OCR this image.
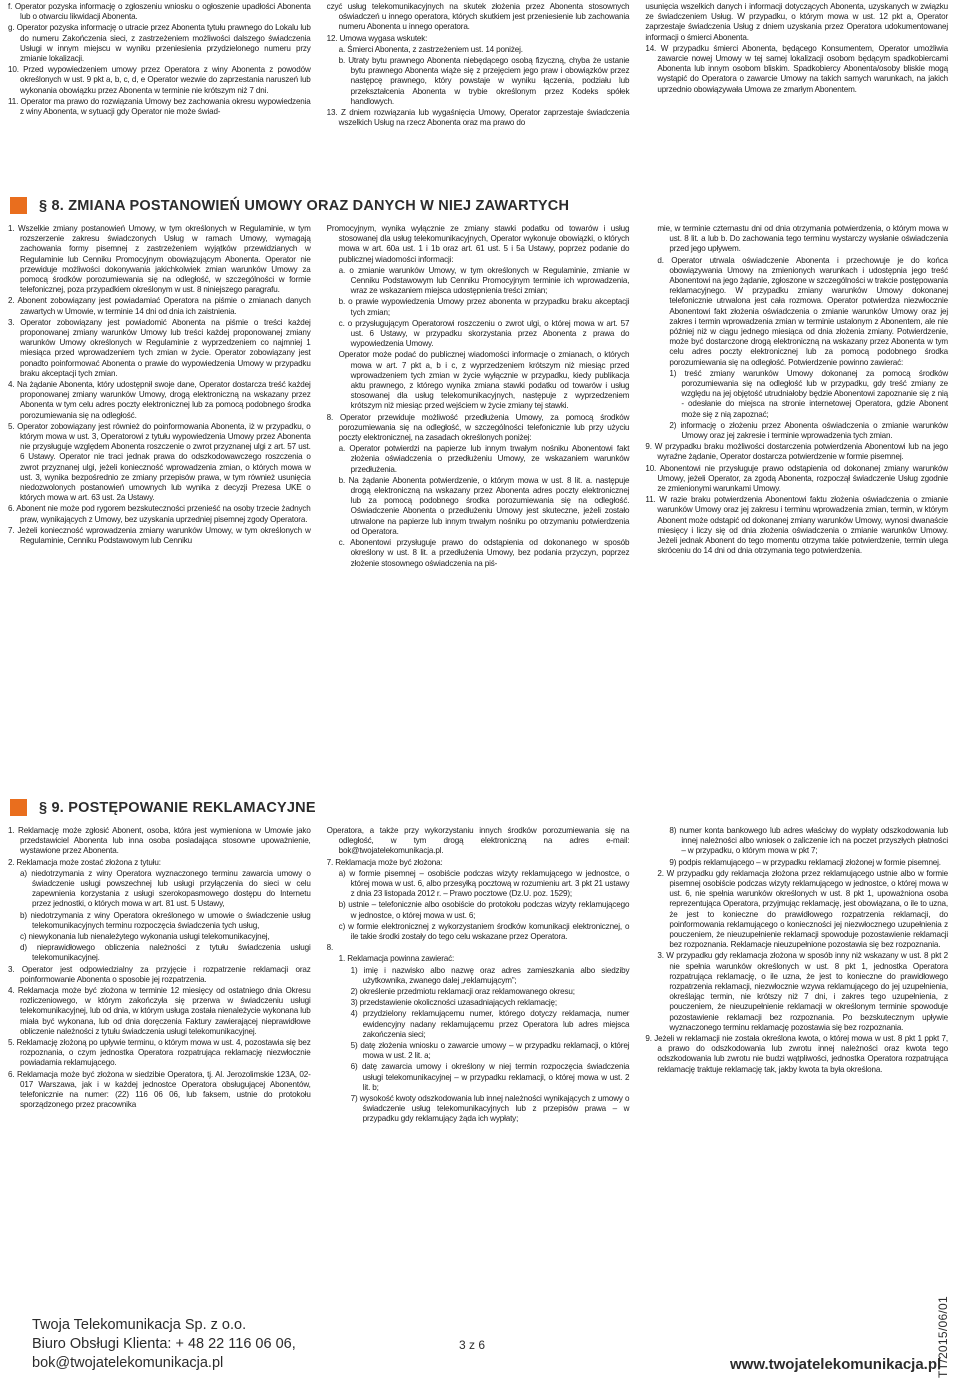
f. Operator pozyska informację o zgłoszeniu wniosku o ogłoszenie upadłości Abonenta lub o otwarciu likwidacji Abonenta.
g. Operator pozyska informację o utracie przez Abonenta tytułu prawnego do Lokalu lub do numeru Zakończenia sieci, z zastrzeżeniem możliwości dalszego świadczenia Usługi w innym miejscu w wyniku przeniesienia przydzielonego numeru przy zmianie lokalizacji.
10. Przed wypowiedzeniem umowy przez Operatora z winy Abonenta z powodów określonych w ust. 9 pkt a, b, c, d, e Operator wezwie do zaprzestania naruszeń lub wykonania obowiązku przez Abonenta w terminie nie krótszym niż 7 dni.
11. Operator ma prawo do rozwiązania Umowy bez zachowania okresu wypowiedzenia z winy Abonenta, w sytuacji gdy Operator nie może świad-
czyć usług telekomunikacyjnych na skutek złożenia przez Abonenta stosownych oświadczeń u innego operatora, których skutkiem jest przeniesienie lub zachowania numeru Abonenta u innego operatora.
12. Umowa wygasa wskutek:
a. Śmierci Abonenta, z zastrzeżeniem ust. 14 poniżej.
b. Utraty bytu prawnego Abonenta niebędącego osobą fizyczną, chyba że ustanie bytu prawnego Abonenta wiąże się z przejęciem jego praw i obowiązków przez następcę prawnego, który powstaje w wyniku łączenia, podziału lub przekształcenia Abonenta w trybie określonym przez Kodeks spółek handlowych.
13. Z dniem rozwiązania lub wygaśnięcia Umowy, Operator zaprzestaje świadczenia wszelkich Usług na rzecz Abonenta oraz ma prawo do
usunięcia wszelkich danych i informacji dotyczących Abonenta, uzyskanych w związku ze świadczeniem Usług. W przypadku, o którym mowa w ust. 12 pkt a, Operator zaprzestaje świadczenia Usług z dniem uzyskania przez Operatora udokumentowanej informacji o śmierci Abonenta.
14. W przypadku śmierci Abonenta, będącego Konsumentem, Operator umożliwia zawarcie nowej Umowy w tej samej lokalizacji osobom będącym spadkobiercami Abonenta lub innym osobom bliskim. Spadkobiercy Abonenta/osoby bliskie mogą wystąpić do Operatora o zawarcie Umowy na takich samych warunkach, na jakich uprzednio obowiązywała Umowa ze zmarłym Abonentem.
§ 8. ZMIANA POSTANOWIEŃ UMOWY ORAZ DANYCH W NIEJ ZAWARTYCH
1. Wszelkie zmiany postanowień Umowy, w tym określonych w Regulaminie, w tym rozszerzenie zakresu świadczonych Usług w ramach Umowy, wymagają zachowania formy pisemnej z zastrzeżeniem wyjątków przewidzianych w Regulaminie lub Cenniku Promocyjnym obowiązującym Abonenta. Operator nie przewiduje możliwości dokonywania jakichkolwiek zmian warunków Umowy za pomocą środków porozumiewania się na odległość, w szczególności w formie telefonicznej, poza przypadkiem określonym w ust. 8 niniejszego paragrafu.
2. Abonent zobowiązany jest powiadamiać Operatora na piśmie o zmianach danych zawartych w Umowie, w terminie 14 dni od dnia ich zaistnienia.
3. Operator zobowiązany jest powiadomić Abonenta na piśmie o treści każdej proponowanej zmiany warunków Umowy lub treści każdej proponowanej zmiany warunków Umowy określonych w Regulaminie z wyprzedzeniem co najmniej 1 miesiąca przed wprowadzeniem tych zmian w życie. Operator zobowiązany jest ponadto poinformować Abonenta o prawie do wypowiedzenia Umowy w przypadku braku akceptacji tych zmian.
4. Na żądanie Abonenta, który udostępnił swoje dane, Operator dostarcza treść każdej proponowanej zmiany warunków Umowy, drogą elektroniczną na wskazany przez Abonenta w tym celu adres poczty elektronicznej lub za pomocą podobnego środka porozumiewania się na odległość.
5. Operator zobowiązany jest również do poinformowania Abonenta, iż w przypadku, o którym mowa w ust. 3, Operatorowi z tytułu wypowiedzenia Umowy przez Abonenta nie przysługuje względem Abonenta roszczenie o zwrot przyznanej ulgi z art. 57 ust. 6 Ustawy. Operator nie traci jednak prawa do odszkodowawczego roszczenia o zwrot przyznanej ulgi, jeżeli konieczność wprowadzenia zmian, o których mowa w ust. 3, wynika bezpośrednio ze zmiany przepisów prawa, w tym również usunięcia niedozwolonych postanowień umownych lub wynika z decyzji Prezesa UKE o których mowa w art. 63 ust. 2a Ustawy.
6. Abonent nie może pod rygorem bezskuteczności przenieść na osoby trzecie żadnych praw, wynikających z Umowy, bez uzyskania uprzedniej pisemnej zgody Operatora.
7. Jeżeli konieczność wprowadzenia zmiany warunków Umowy, w tym określonych w Regulaminie, Cenniku Podstawowym lub Cenniku
Promocyjnym, wynika wyłącznie ze zmiany stawki podatku od towarów i usług stosowanej dla usług telekomunikacyjnych, Operator wykonuje obowiązki, o których mowa w art. 60a ust. 1 i 1b oraz art. 61 ust. 5 i 5a Ustawy, poprzez podanie do publicznej wiadomości informacji:
a. o zmianie warunków Umowy, w tym określonych w Regulaminie, zmianie w Cenniku Podstawowym lub Cenniku Promocyjnym terminie ich wprowadzenia, wraz ze wskazaniem miejsca udostępnienia treści zmian;
b. o prawie wypowiedzenia Umowy przez abonenta w przypadku braku akceptacji tych zmian;
c. o przysługującym Operatorowi roszczeniu o zwrot ulgi, o której mowa w art. 57 ust. 6 Ustawy, w przypadku skorzystania przez Abonenta z prawa do wypowiedzenia Umowy.
Operator może podać do publicznej wiadomości informacje o zmianach, o których mowa w art. 7 pkt a, b i c, z wyprzedzeniem krótszym niż miesiąc przed wprowadzeniem tych zmian w życie wyłącznie w przypadku, kiedy publikacja aktu prawnego, z którego wynika zmiana stawki podatku od towarów i usług stosowanej dla usług telekomunikacyjnych, następuje z wyprzedzeniem krótszym niż miesiąc przed wejściem w życie zmiany tej stawki.
8. Operator przewiduje możliwość przedłużenia Umowy, za pomocą środków porozumiewania się na odległość, w szczególności telefonicznie lub przy użyciu poczty elektronicznej, na zasadach określonych poniżej:
a. Operator potwierdzi na papierze lub innym trwałym nośniku Abonentowi fakt złożenia oświadczenia o przedłużeniu Umowy, ze wskazaniem warunków przedłużenia.
b. Na żądanie Abonenta potwierdzenie, o którym mowa w ust. 8 lit. a. następuje drogą elektroniczną na wskazany przez Abonenta adres poczty elektronicznej lub za pomocą podobnego środka porozumiewania się na odległość. Oświadczenie Abonenta o przedłużeniu Umowy jest skuteczne, jeżeli zostało utrwalone na papierze lub innym trwałym nośniku po otrzymaniu potwierdzenia od Operatora.
c. Abonentowi przysługuje prawo do odstąpienia od dokonanego w sposób określony w ust. 8 lit. a przedłużenia Umowy, bez podania przyczyn, poprzez złożenie stosownego oświadczenia na piś-
mie, w terminie czternastu dni od dnia otrzymania potwierdzenia, o którym mowa w ust. 8 lit. a lub b. Do zachowania tego terminu wystarczy wysłanie oświadczenia przed jego upływem.
d. Operator utrwala oświadczenie Abonenta i przechowuje je do końca obowiązywania Umowy na zmienionych warunkach i udostępnia jego treść Abonentowi na jego żądanie, zgłoszone w szczególności w trakcie postępowania reklamacyjnego. W przypadku zmiany warunków Umowy dokonanej telefonicznie utrwalona jest cała rozmowa. Operator potwierdza niezwłocznie Abonentowi fakt złożenia oświadczenia o zmianie warunków Umowy oraz jej zakres i termin wprowadzenia zmian w terminie ustalonym z Abonentem, ale nie później niż w ciągu jednego miesiąca od dnia złożenia zmiany. Potwierdzenie, może być dostarczone drogą elektroniczną na wskazany przez Abonenta w tym celu adres poczty elektronicznej lub za pomocą podobnego środka porozumiewania się na odległość. Potwierdzenie powinno zawierać:
1) treść zmiany warunków Umowy dokonanej za pomocą środków porozumiewania się na odległość lub w przypadku, gdy treść zmiany ze względu na jej objętość utrudniałoby będzie Abonentowi zapoznanie się z nią - odesłanie do miejsca na stronie internetowej Operatora, gdzie Abonent może się z nią zapoznać;
2) informację o złożeniu przez Abonenta oświadczenia o zmianie warunków Umowy oraz jej zakresie i terminie wprowadzenia tych zmian.
9. W przypadku braku możliwości dostarczenia potwierdzenia Abonentowi lub na jego wyraźne żądanie, Operator dostarcza potwierdzenie w formie pisemnej.
10. Abonentowi nie przysługuje prawo odstąpienia od dokonanej zmiany warunków Umowy, jeżeli Operator, za zgodą Abonenta, rozpoczął świadczenie Usług zgodnie ze zmienionymi warunkami Umowy.
11. W razie braku potwierdzenia Abonentowi faktu złożenia oświadczenia o zmianie warunków Umowy oraz jej zakresu i terminu wprowadzenia zmian, termin, w którym Abonent może odstąpić od dokonanej zmiany warunków Umowy, wynosi dwanaście miesięcy i liczy się od dnia złożenia oświadczenia o zmianie warunków Umowy. Jeżeli jednak Abonent do tego momentu otrzyma takie potwierdzenie, termin ulega skróceniu do 14 dni od dnia otrzymania tego potwierdzenia.
§ 9. POSTĘPOWANIE REKLAMACYJNE
1. Reklamację może zgłosić Abonent, osoba, która jest wymieniona w Umowie jako przedstawiciel Abonenta lub inna osoba posiadająca stosowne upoważnienie, wystawione przez Abonenta.
2. Reklamacja może zostać złożona z tytułu:
a) niedotrzymania z winy Operatora wyznaczonego terminu zawarcia umowy o świadczenie usługi powszechnej lub usługi przyłączenia do sieci w celu zapewnienia korzystania z usługi szerokopasmowego dostępu do Internetu przez jednostki, o których mowa w art. 81 ust. 5 Ustawy,
b) niedotrzymania z winy Operatora określonego w umowie o świadczenie usług telekomunikacyjnych terminu rozpoczęcia świadczenia tych usług,
c) niewykonania lub nienależytego wykonania usługi telekomunikacyjnej,
d) nieprawidłowego obliczenia należności z tytułu świadczenia usługi telekomunikacyjnej.
3. Operator jest odpowiedzialny za przyjęcie i rozpatrzenie reklamacji oraz poinformowanie Abonenta o sposobie jej rozpatrzenia.
4. Reklamacja może być złożona w terminie 12 miesięcy od ostatniego dnia Okresu rozliczeniowego, w którym zakończyła się przerwa w świadczeniu usługi telekomunikacyjnej, lub od dnia, w którym usługa została nienależycie wykonana lub miała być wykonana, lub od dnia doręczenia Faktury zawierającej nieprawidłowe obliczenie należności z tytułu świadczenia usługi telekomunikacyjnej.
5. Reklamację złożoną po upływie terminu, o którym mowa w ust. 4, pozostawia się bez rozpoznania, o czym jednostka Operatora rozpatrująca reklamację niezwłocznie powiadamia reklamującego.
6. Reklamacja może być złożona w siedzibie Operatora, tj. Al. Jerozolimskie 123A, 02-017 Warszawa, jak i w każdej jednostce Operatora obsługującej Abonentów, telefonicznie na numer: (22) 116 06 06, lub faksem, ustnie do protokołu sporządzonego przez pracownika
Operatora, a także przy wykorzystaniu innych środków porozumiewania się na odległość, w tym drogą elektroniczną na adres e-mail: bok@twojatelekomunikacja.pl.
7. Reklamacja może być złożona:
a) w formie pisemnej – osobiście podczas wizyty reklamującego w jednostce, o której mowa w ust. 6, albo przesyłką pocztową w rozumieniu art. 3 pkt 21 ustawy z dnia 23 listopada 2012 r. – Prawo pocztowe (Dz.U. poz. 1529);
b) ustnie – telefonicznie albo osobiście do protokołu podczas wizyty reklamującego w jednostce, o której mowa w ust. 6;
c) w formie elektronicznej z wykorzystaniem środków komunikacji elektronicznej, o ile takie środki zostały do tego celu wskazane przez Operatora.
8.
1. Reklamacja powinna zawierać:
1) imię i nazwisko albo nazwę oraz adres zamieszkania albo siedziby użytkownika, zwanego dalej „reklamującym”;
2) określenie przedmiotu reklamacji oraz reklamowanego okresu;
3) przedstawienie okoliczności uzasadniających reklamację;
4) przydzielony reklamującemu numer, którego dotyczy reklamacja, numer ewidencyjny nadany reklamującemu przez Operatora lub adres miejsca zakończenia sieci;
5) datę złożenia wniosku o zawarcie umowy – w przypadku reklamacji, o której mowa w ust. 2 lit. a;
6) datę zawarcia umowy i określony w niej termin rozpoczęcia świadczenia usługi telekomunikacyjnej – w przypadku reklamacji, o której mowa w ust. 2 lit. b;
7) wysokość kwoty odszkodowania lub innej należności wynikających z umowy o świadczenie usług telekomunikacyjnych lub z przepisów prawa – w przypadku gdy reklamujący żąda ich wypłaty;
8) numer konta bankowego lub adres właściwy do wypłaty odszkodowania lub innej należności albo wniosek o zaliczenie ich na poczet przyszłych płatności – w przypadku, o którym mowa w pkt 7;
9) podpis reklamującego – w przypadku reklamacji złożonej w formie pisemnej.
2. W przypadku gdy reklamacja złożona przez reklamującego ustnie albo w formie pisemnej osobiście podczas wizyty reklamującego w jednostce, o której mowa w ust. 6, nie spełnia warunków określonych w ust. 8 pkt 1, upoważniona osoba reprezentująca Operatora, przyjmując reklamację, jest obowiązana, o ile to uzna, że jest to konieczne do prawidłowego rozpatrzenia reklamacji, do poinformowania reklamującego o konieczności jej niezwłocznego uzupełnienia z pouczeniem, że nieuzupełnienie reklamacji spowoduje pozostawienie reklamacji bez rozpoznania. Reklamacje nieuzupełnione pozostawia się bez rozpoznania.
3. W przypadku gdy reklamacja złożona w sposób inny niż wskazany w ust. 8 pkt 2 nie spełnia warunków określonych w ust. 8 pkt 1, jednostka Operatora rozpatrująca reklamację, o ile uzna, że jest to konieczne do prawidłowego rozpatrzenia reklamacji, niezwłocznie wzywa reklamującego do jej uzupełnienia, określając termin, nie krótszy niż 7 dni, i zakres tego uzupełnienia, z pouczeniem, że nieuzupełnienie reklamacji w określonym terminie spowoduje pozostawienie reklamacji bez rozpoznania. Po bezskutecznym upływie wyznaczonego terminu reklamację pozostawia się bez rozpoznania.
9. Jeżeli w reklamacji nie została określona kwota, o której mowa w ust. 8 pkt 1 ppkt 7, a prawo do odszkodowania lub zwrotu innej należności oraz kwota tego odszkodowania lub zwrotu nie budzi wątpliwości, jednostka Operatora rozpatrująca reklamację traktuje reklamację tak, jakby kwota ta była określona.
Twoja Telekomunikacja Sp. z o.o.
Biuro Obsługi Klienta: + 48 22 116 06 06,
bok@twojatelekomunikacja.pl
3 z 6
www.twojatelekomunikacja.pl
TT/2015/06/01
